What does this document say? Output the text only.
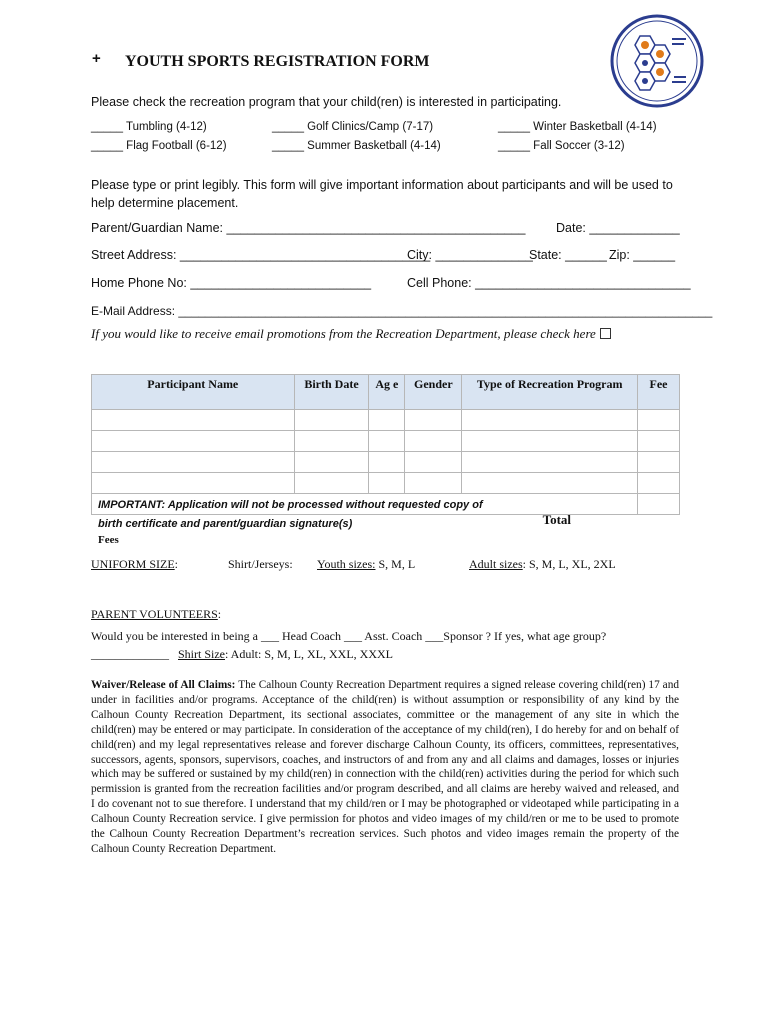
+ YOUTH SPORTS REGISTRATION FORM
Please check the recreation program that your child(ren) is interested in participating.
_____ Tumbling (4-12)	_____ Golf Clinics/Camp (7-17)	_____ Winter Basketball (4-14)
_____ Flag Football (6-12)	_____ Summer Basketball (4-14)	_____ Fall Soccer (3-12)
Please type or print legibly. This form will give important information about participants and will be used to help determine placement.
Parent/Guardian Name: ___________________________________________ Date: _____________
Street Address: ____________________________________
City: ______________
State: ______ Zip: ______
Home Phone No: __________________________	Cell Phone: _______________________________
E-Mail Address: ________________________________________________________________________________
If you would like to receive email promotions from the Recreation Department, please check here
Participant Name	Birth Date	Ag e	Gender	Type of Recreation Program	Fee

IMPORTANT: Application will not be processed without requested copy of birth certificate and parent/guardian signature(s)
Fees
Total					

UNIFORM SIZE:	Shirt/Jerseys: Youth sizes: S, M, L	Adult sizes: S, M, L, XL, 2XL
PARENT VOLUNTEERS:
Would you be interested in being a ___ Head Coach ___ Asst. Coach ___Sponsor ? If yes, what age group?
_____________ Shirt Size: Adult: S, M, L, XL, XXL, XXXL
Waiver/Release of All Claims: The Calhoun County Recreation Department requires a signed release covering child(ren) 17 and under in facilities and/or programs. Acceptance of the child(ren) is without assumption or responsibility of any kind by the Calhoun County Recreation Department, its sectional associates, committee or the management of any site in which the child(ren) may be entered or may participate. In consideration of the acceptance of my child(ren), I do hereby for and on behalf of child(ren) and my legal representatives release and forever discharge Calhoun County, its officers, committees, representatives, successors, agents, sponsors, supervisors, coaches, and instructors of and from any and all claims and damages, losses or injuries which may be suffered or sustained by my child(ren) in connection with the child(ren) activities during the period for which such permission is granted from the recreation facilities and/or program described, and all claims are hereby waived and released, and I do covenant not to sue therefore. I understand that my child/ren or I may be photographed or videotaped while participating in a Calhoun County Recreation service. I give permission for photos and video images of my child/ren or me to be used to promote the Calhoun County Recreation Department’s recreation services. Such photos and video images remain the property of the Calhoun County Recreation Department.
